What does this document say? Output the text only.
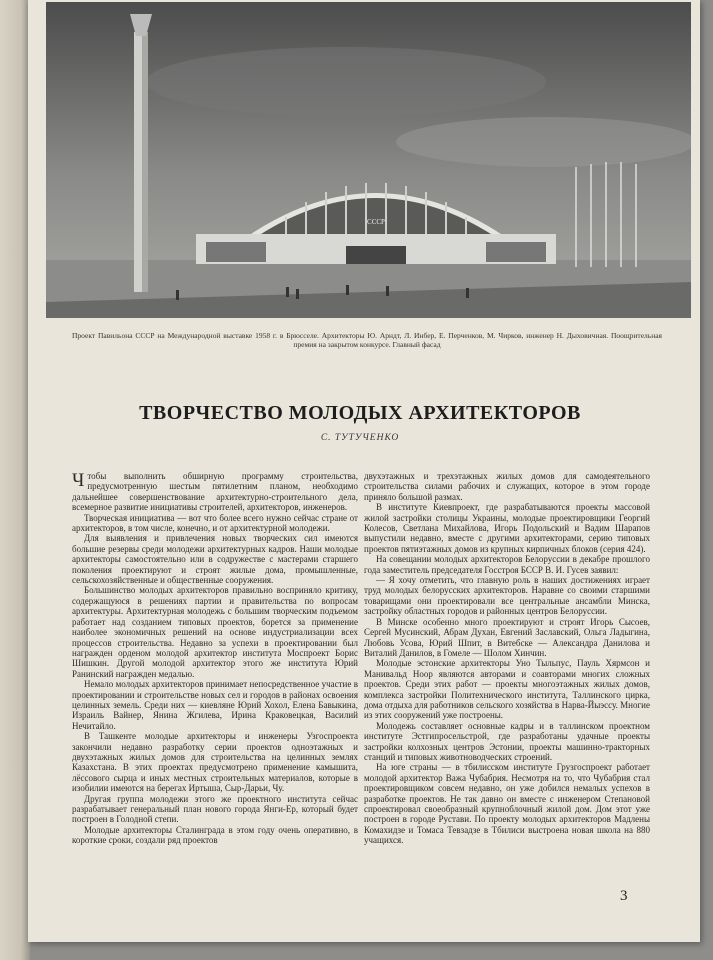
СССР
Проект Павильона СССР на Международной выставке 1958 г. в Брюсселе. Архитекторы Ю. Арндт, Л. Инбер, Е. Перченков, М. Чирков, инженер Н. Дыховичная. Поощрительная премия на закрытом конкурсе. Главный фасад
ТВОРЧЕСТВО МОЛОДЫХ АРХИТЕКТОРОВ
С. ТУТУЧЕНКО

Чтобы выполнить обширную программу строительства, предусмотренную шестым пятилетним планом, необходимо дальнейшее совершенствование архитектурно-строительного дела, всемерное развитие инициативы строителей, архитекторов, инженеров.

Творческая инициатива — вот что более всего нужно сейчас стране от архитекторов, в том числе, конечно, и от архитектурной молодежи.

Для выявления и привлечения новых творческих сил имеются большие резервы среди молодежи архитектурных кадров. Наши молодые архитекторы самостоятельно или в содружестве с мастерами старшего поколения проектируют и строят жилые дома, промышленные, сельскохозяйственные и общественные сооружения.

Большинство молодых архитекторов правильно восприняло критику, содержащуюся в решениях партии и правительства по вопросам архитектуры. Архитектурная молодежь с большим творческим подъемом работает над созданием типовых проектов, борется за применение наиболее экономичных решений на основе индустриализации всех процессов строительства. Недавно за успехи в проектировании был награжден орденом молодой архитектор института Моспроект Борис Шишкин. Другой молодой архитектор этого же института Юрий Ранинский награжден медалью.

Немало молодых архитекторов принимает непосредственное участие в проектировании и строительстве новых сел и городов в районах освоения целинных земель. Среди них — киевляне Юрий Хохол, Елена Бавыкина, Израиль Вайнер, Янина Жгилева, Ирина Краковецкая, Василий Нечитайло.

В Ташкенте молодые архитекторы и инженеры Узгоспроекта закончили недавно разработку серии проектов одноэтажных и двухэтажных жилых домов для строительства на целинных землях Казахстана. В этих проектах предусмотрено применение камышита, лёссового сырца и иных местных строительных материалов, которые в изобилии имеются на берегах Иртыша, Сыр-Дарьи, Чу.

Другая группа молодежи этого же проектного института сейчас разрабатывает генеральный план нового города Янги-Ер, который будет построен в Голодной степи.

Молодые архитекторы Сталинграда в этом году очень оперативно, в короткие сроки, создали ряд проектов

двухэтажных и трехэтажных жилых домов для самодеятельного строительства силами рабочих и служащих, которое в этом городе приняло большой размах.

В институте Киевпроект, где разрабатываются проекты массовой жилой застройки столицы Украины, молодые проектировщики Георгий Колесов, Светлана Михайлова, Игорь Подольский и Вадим Шарапов выпустили недавно, вместе с другими архитекторами, серию типовых проектов пятиэтажных домов из крупных кирпичных блоков (серия 424).

На совещании молодых архитекторов Белоруссии в декабре прошлого года заместитель председателя Госстроя БССР В. И. Гусев заявил:

— Я хочу отметить, что главную роль в наших достижениях играет труд молодых белорусских архитекторов. Наравне со своими старшими товарищами они проектировали все центральные ансамбли Минска, застройку областных городов и районных центров Белоруссии.

В Минске особенно много проектируют и строят Игорь Сысоев, Сергей Мусинский, Абрам Духан, Евгений Заславский, Ольга Ладыгина, Любовь Усова, Юрий Шпит, в Витебске — Александра Данилова и Виталий Данилов, в Гомеле — Шолом Хинчин.

Молодые эстонские архитекторы Уно Тыльпус, Пауль Хярмсон и Манивальд Ноор являются авторами и соавторами многих сложных проектов. Среди этих работ — проекты многоэтажных жилых домов, комплекса застройки Политехнического института, Таллинского цирка, дома отдыха для работников сельского хозяйства в Нарва-Йыэссу. Многие из этих сооружений уже построены.

Молодежь составляет основные кадры и в таллинском проектном институте Эстгипросельстрой, где разработаны удачные проекты застройки колхозных центров Эстонии, проекты машинно-тракторных станций и типовых животноводческих строений.

На юге страны — в тбилисском институте Грузгоспроект работает молодой архитектор Важа Чубабрия. Несмотря на то, что Чубабрия стал проектировщиком совсем недавно, он уже добился немалых успехов в разработке проектов. Не так давно он вместе с инженером Степановой спроектировал своеобразный крупноблочный жилой дом. Дом этот уже построен в городе Рустави. По проекту молодых архитекторов Мадлены Комахидзе и Томаса Тевзадзе в Тбилиси выстроена новая школа на 880 учащихся.

3
